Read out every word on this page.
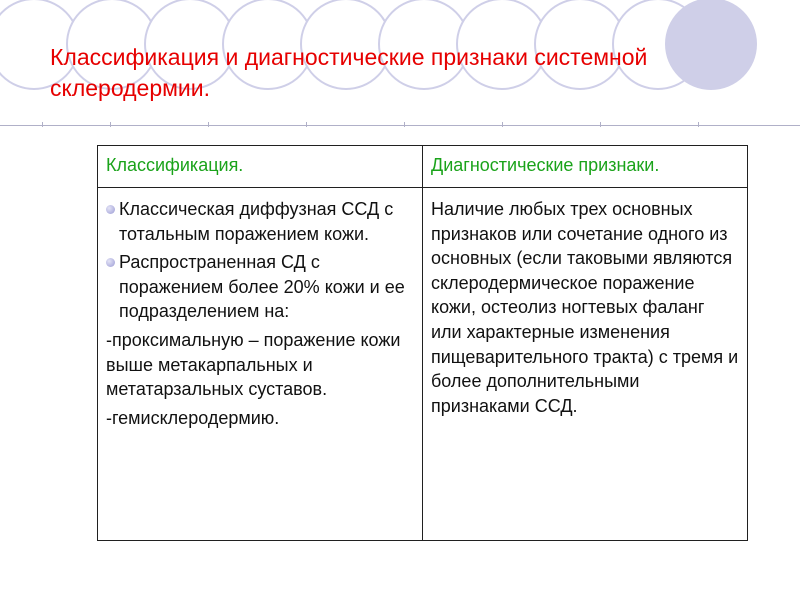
Классификация и диагностические признаки системной
склеродермии.
Классификация.	Диагностические признаки.
Классическая диффузная ССД с тотальным поражением кожи.
Распространенная СД с поражением более 20% кожи и ее подразделением на:
-проксимальную – поражение кожи выше метакарпальных и метатарзальных суставов.
-гемисклеродермию.
Наличие любых трех основных признаков или сочетание одного из основных (если таковыми являются склеродермическое поражение кожи, остеолиз ногтевых фаланг или характерные изменения пищеварительного тракта) с тремя и более дополнительными признаками ССД.
